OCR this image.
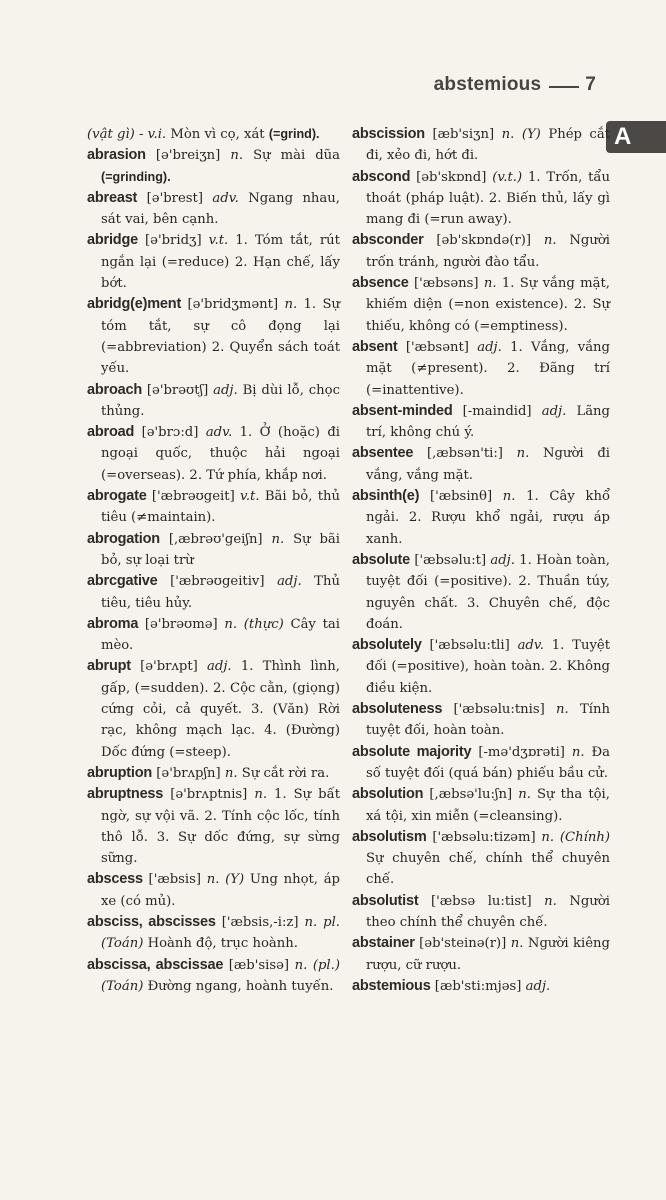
abstemious 7
A

(vật gì) - v.i. Mòn vì cọ, xát (=grind).

abrasion [ə'breiʒn] n. Sự mài dũa (=grinding).

abreast [ə'brest] adv. Ngang nhau, sát vai, bên cạnh.

abridge [ə'bridʒ] v.t. 1. Tóm tắt, rút ngắn lại (=reduce) 2. Hạn chế, lấy bớt.

abridg(e)ment [ə'bridʒmənt] n. 1. Sự tóm tắt, sự cô đọng lại (=abbreviation) 2. Quyển sách toát yếu.

abroach [ə'brəʊtʃ] adj. Bị dùi lỗ, chọc thủng.

abroad [ə'brɔ:d] adv. 1. Ở (hoặc) đi ngoại quốc, thuộc hải ngoại (=overseas). 2. Tứ phía, khắp nơi.

abrogate ['æbrəʊgeit] v.t. Bãi bỏ, thủ tiêu (≠maintain).

abrogation [,æbrəʊ'geiʃn] n. Sự bãi bỏ, sự loại trừ

abrcgative ['æbrəʊgeitiv] adj. Thủ tiêu, tiêu hủy.

abroma [ə'brəʊmə] n. (thực) Cây tai mèo.

abrupt [ə'brʌpt] adj. 1. Thình lình, gấp, (=sudden). 2. Cộc cằn, (giọng) cứng cỏi, cả quyết. 3. (Văn) Rời rạc, không mạch lạc. 4. (Đường) Dốc đứng (=steep).

abruption [ə'brʌpʃn] n. Sự cắt rời ra.

abruptness [ə'brʌptnis] n. 1. Sự bất ngờ, sự vội vã. 2. Tính cộc lốc, tính thô lỗ. 3. Sự dốc đứng, sự sừng sững.

abscess ['æbsis] n. (Y) Ung nhọt, áp xe (có mủ).

absciss, abscisses ['æbsis,-i:z] n. pl. (Toán) Hoành độ, trục hoành.

abscissa, abscissae [æb'sisə] n. (pl.) (Toán) Đường ngang, hoành tuyến.

abscission [æb'siʒn] n. (Y) Phép cắt đi, xẻo đi, hớt đi.

abscond [əb'skɒnd] (v.t.) 1. Trốn, tẩu thoát (pháp luật). 2. Biến thủ, lấy gì mang đi (=run away).

absconder [əb'skɒndə(r)] n. Người trốn tránh, người đào tẩu.

absence ['æbsəns] n. 1. Sự vắng mặt, khiếm diện (=non existence). 2. Sự thiếu, không có (=emptiness).

absent ['æbsənt] adj. 1. Vắng, vắng mặt (≠present). 2. Đãng trí (=inattentive).

absent-minded [-maindid] adj. Lãng trí, không chú ý.

absentee [,æbsən'ti:] n. Người đi vắng, vắng mặt.

absinth(e) ['æbsinθ] n. 1. Cây khổ ngải. 2. Rượu khổ ngải, rượu áp xanh.

absolute ['æbsəlu:t] adj. 1. Hoàn toàn, tuyệt đối (=positive). 2. Thuần túy, nguyên chất. 3. Chuyên chế, độc đoán.

absolutely ['æbsəlu:tli] adv. 1. Tuyệt đối (=positive), hoàn toàn. 2. Không điều kiện.

absoluteness ['æbsəlu:tnis] n. Tính tuyệt đối, hoàn toàn.

absolute majority [-mə'dʒɒrəti] n. Đa số tuyệt đối (quá bán) phiếu bầu cử.

absolution [,æbsə'lu:ʃn] n. Sự tha tội, xá tội, xin miễn (=cleansing).

absolutism ['æbsəlu:tizəm] n. (Chính) Sự chuyên chế, chính thể chuyên chế.

absolutist ['æbsə lu:tist] n. Người theo chính thể chuyên chế.

abstainer [əb'steinə(r)] n. Người kiêng rượu, cữ rượu.

abstemious [æb'sti:mjəs] adj.
